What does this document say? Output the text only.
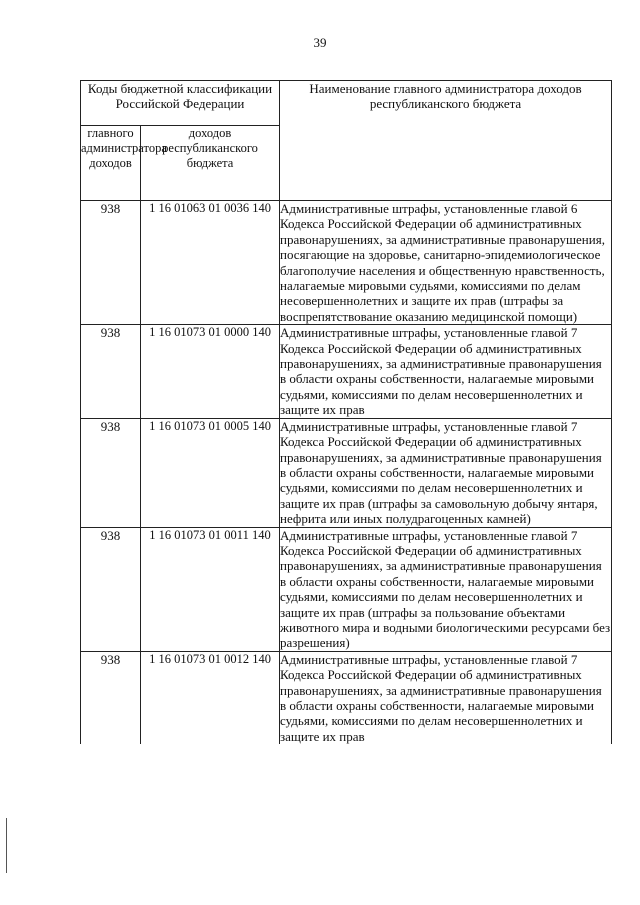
39
Коды бюджетной классификации Российской Федерации		Наименование главного администратора доходов республиканского бюджета
главного администратора доходов	доходов республиканского бюджета	
938	1 16 01063 01 0036 140	Административные штрафы, установленные главой 6 Кодекса Российской Федерации об административных правонарушениях, за административные правонарушения, посягающие на здоровье, санитарно-эпидемиологическое благополучие населения и общественную нравственность, налагаемые мировыми судьями, комиссиями по делам несовершеннолетних и защите их прав (штрафы за воспрепятствование оказанию медицинской помощи)
938	1 16 01073 01 0000 140	Административные штрафы, установленные главой 7 Кодекса Российской Федерации об административных правонарушениях, за административные правонарушения в области охраны собственности, налагаемые мировыми судьями, комиссиями по делам несовершеннолетних и защите их прав
938	1 16 01073 01 0005 140	Административные штрафы, установленные главой 7 Кодекса Российской Федерации об административных правонарушениях, за административные правонарушения в области охраны собственности, налагаемые мировыми судьями, комиссиями по делам несовершеннолетних и защите их прав (штрафы за самовольную добычу янтаря, нефрита или иных полудрагоценных камней)
938	1 16 01073 01 0011 140	Административные штрафы, установленные главой 7 Кодекса Российской Федерации об административных правонарушениях, за административные правонарушения в области охраны собственности, налагаемые мировыми судьями, комиссиями по делам несовершеннолетних и защите их прав (штрафы за пользование объектами животного мира и водными биологическими ресурсами без разрешения)
938	1 16 01073 01 0012 140	Административные штрафы, установленные главой 7 Кодекса Российской Федерации об административных правонарушениях, за административные правонарушения в области охраны собственности, налагаемые мировыми судьями, комиссиями по делам несовершеннолетних и защите их прав
